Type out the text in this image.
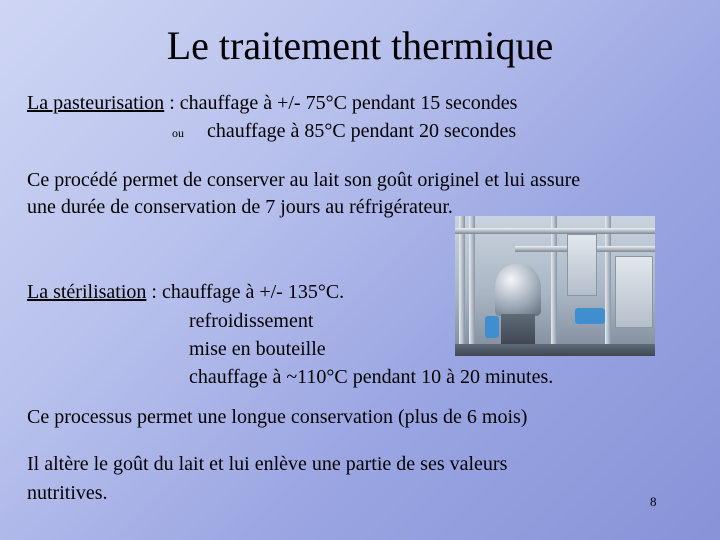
Le traitement thermique
La pasteurisation : chauffage à +/- 75°C pendant 15 secondes
ou chauffage à 85°C pendant 20 secondes
Ce procédé permet de conserver au lait son goût originel et lui assure
une durée de conservation de 7 jours au réfrigérateur.
La stérilisation : chauffage à +/- 135°C.
refroidissement
mise en bouteille
chauffage à ~110°C pendant 10 à 20 minutes.
Ce processus permet une longue conservation (plus de 6 mois)
Il altère le goût du lait et lui enlève une partie de ses valeurs
nutritives.	8
